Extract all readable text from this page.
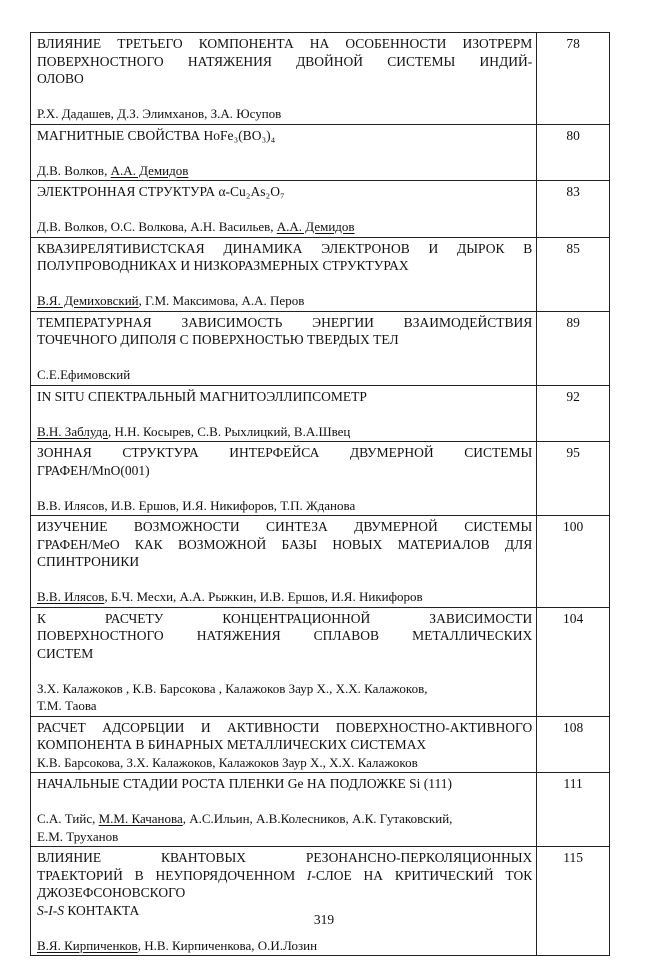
ВЛИЯНИЕ ТРЕТЬЕГО КОМПОНЕНТА НА ОСОБЕННОСТИ ИЗОТРЕРМ
ПОВЕРХНОСТНОГО НАТЯЖЕНИЯ ДВОЙНОЙ СИСТЕМЫ ИНДИЙ-
ОЛОВО
Р.Х. Дадашев, Д.З. Элимханов, З.А. Юсупов
78
МАГНИТНЫЕ СВОЙСТВА HoFe₃(BO₃)₄
Д.В. Волков, А.А. Демидов
80
ЭЛЕКТРОННАЯ СТРУКТУРА α-Cu₂As₂O₇
Д.В. Волков, О.С. Волкова, А.Н. Васильев, А.А. Демидов
83
КВАЗИРЕЛЯТИВИСТСКАЯ ДИНАМИКА ЭЛЕКТРОНОВ И ДЫРОК В
ПОЛУПРОВОДНИКАХ И НИЗКОРАЗМЕРНЫХ СТРУКТУРАХ
В.Я. Демиховский, Г.М. Максимова, А.А. Перов
85
ТЕМПЕРАТУРНАЯ ЗАВИСИМОСТЬ ЭНЕРГИИ ВЗАИМОДЕЙСТВИЯ
ТОЧЕЧНОГО ДИПОЛЯ С ПОВЕРХНОСТЬЮ ТВЕРДЫХ ТЕЛ
С.Е.Ефимовский
89
IN SITU СПЕКТРАЛЬНЫЙ МАГНИТОЭЛЛИПСОМЕТР
В.Н. Заблуда, Н.Н. Косырев, С.В. Рыхлицкий, В.А.Швец
92
ЗОННАЯ СТРУКТУРА ИНТЕРФЕЙСА ДВУМЕРНОЙ СИСТЕМЫ
ГРАФЕН/MnO(001)
В.В. Илясов, И.В. Ершов, И.Я. Никифоров, Т.П. Жданова
95
ИЗУЧЕНИЕ ВОЗМОЖНОСТИ СИНТЕЗА ДВУМЕРНОЙ СИСТЕМЫ
ГРАФЕН/MeO КАК ВОЗМОЖНОЙ БАЗЫ НОВЫХ МАТЕРИАЛОВ ДЛЯ
СПИНТРОНИКИ
В.В. Илясов, Б.Ч. Месхи, А.А. Рыжкин, И.В. Ершов, И.Я. Никифоров
100
К РАСЧЕТУ КОНЦЕНТРАЦИОННОЙ ЗАВИСИМОСТИ
ПОВЕРХНОСТНОГО НАТЯЖЕНИЯ СПЛАВОВ МЕТАЛЛИЧЕСКИХ
СИСТЕМ
З.Х. Калажоков , К.В. Барсокова , Калажоков Заур Х., Х.Х. Калажоков,
Т.М. Таова
104
РАСЧЕТ АДСОРБЦИИ И АКТИВНОСТИ ПОВЕРХНОСТНО-АКТИВНОГО
КОМПОНЕНТА В БИНАРНЫХ МЕТАЛЛИЧЕСКИХ СИСТЕМАХ
К.В. Барсокова, З.Х. Калажоков, Калажоков Заур Х., Х.Х. Калажоков
108
НАЧАЛЬНЫЕ СТАДИИ РОСТА ПЛЕНКИ Ge НА ПОДЛОЖКЕ Si (111)
С.А. Тийс, М.М. Качанова, А.С.Ильин, А.В.Колесников, А.К. Гутаковский,
Е.М. Труханов
111
ВЛИЯНИЕ КВАНТОВЫХ РЕЗОНАНСНО-ПЕРКОЛЯЦИОННЫХ
ТРАЕКТОРИЙ В НЕУПОРЯДОЧЕННОМ I-СЛОЕ НА КРИТИЧЕСКИЙ ТОК
ДЖОЗЕФСОНОВСКОГО
S-I-S КОНТАКТА
В.Я. Кирпиченков, Н.В. Кирпиченкова, О.И.Лозин
115
319
